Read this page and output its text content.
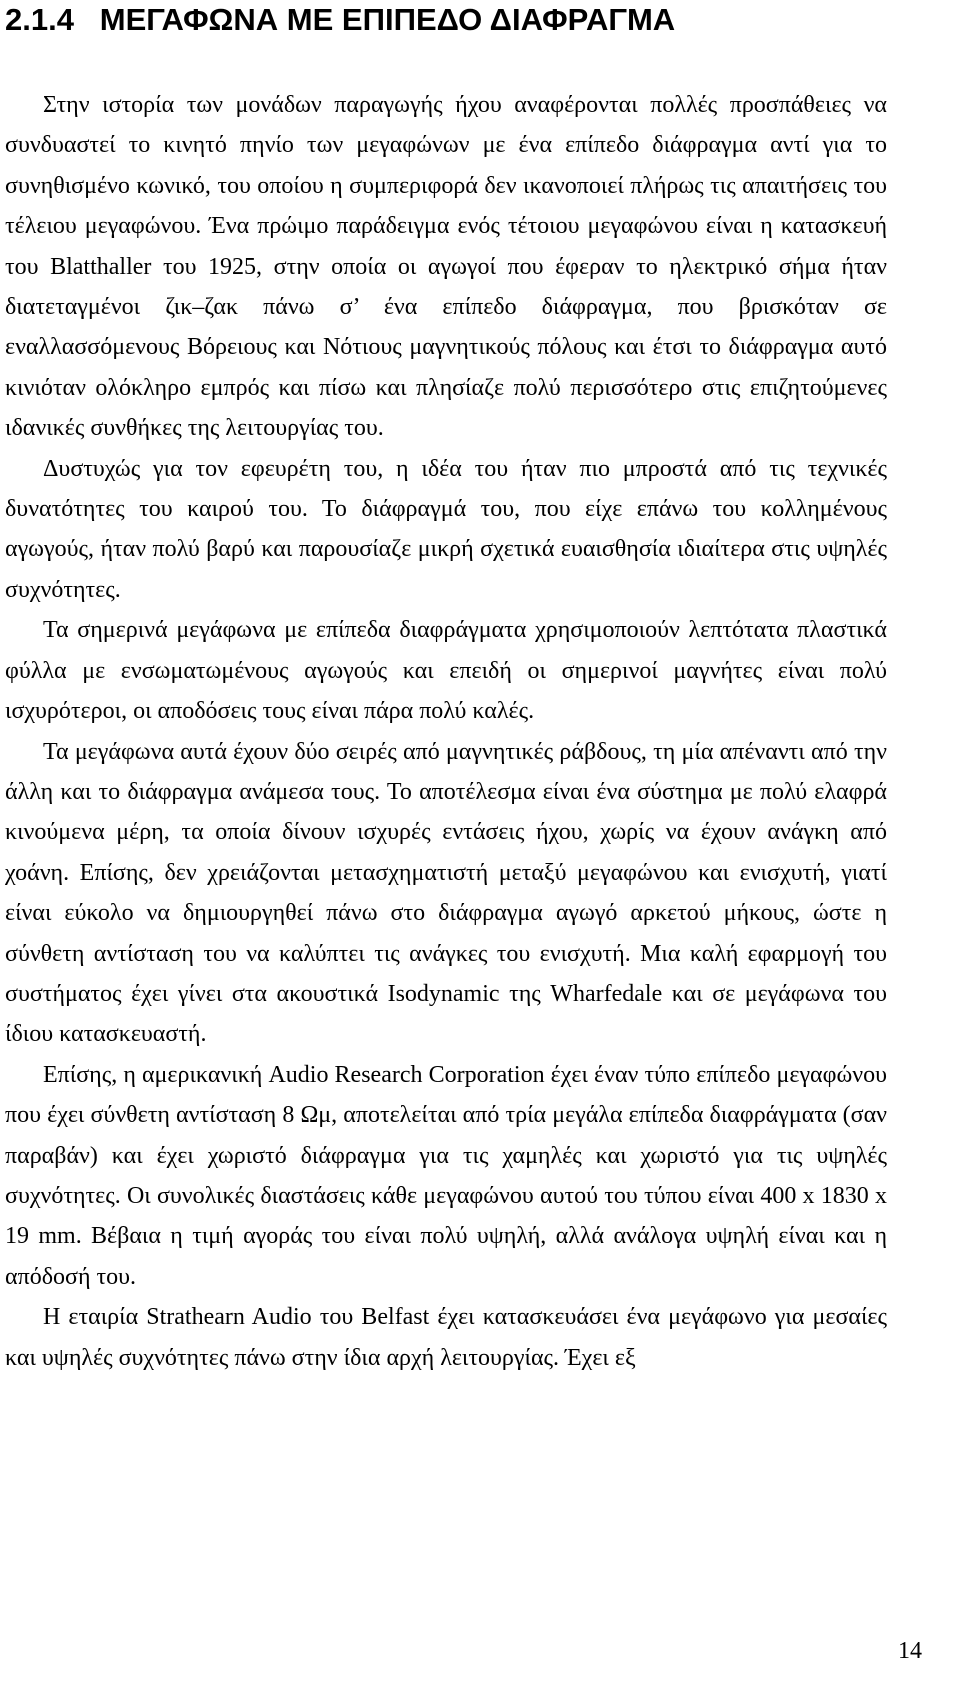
2.1.4 ΜΕΓΑΦΩΝΑ ΜΕ ΕΠΙΠΕΔΟ ΔΙΑΦΡΑΓΜΑ

Στην ιστορία των μονάδων παραγωγής ήχου αναφέρονται πολλές προσπάθειες να συνδυαστεί το κινητό πηνίο των μεγαφώνων με ένα επίπεδο διάφραγμα αντί για το συνηθισμένο κωνικό, του οποίου η συμπεριφορά δεν ικανοποιεί πλήρως τις απαιτήσεις του τέλειου μεγαφώνου. Ένα πρώιμο παράδειγμα ενός τέτοιου μεγαφώνου είναι η κατασκευή του Blatthaller του 1925, στην οποία οι αγωγοί που έφεραν το ηλεκτρικό σήμα ήταν διατεταγμένοι ζικ–ζακ πάνω σ’ ένα επίπεδο διάφραγμα, που βρισκόταν σε εναλλασσόμενους Βόρειους και Νότιους μαγνητικούς πόλους και έτσι το διάφραγμα αυτό κινιόταν ολόκληρο εμπρός και πίσω και πλησίαζε πολύ περισσότερο στις επιζητούμενες ιδανικές συνθήκες της λειτουργίας του.

Δυστυχώς για τον εφευρέτη του, η ιδέα του ήταν πιο μπροστά από τις τεχνικές δυνατότητες του καιρού του. Το διάφραγμά του, που είχε επάνω του κολλημένους αγωγούς, ήταν πολύ βαρύ και παρουσίαζε μικρή σχετικά ευαισθησία ιδιαίτερα στις υψηλές συχνότητες.

Τα σημερινά μεγάφωνα με επίπεδα διαφράγματα χρησιμοποιούν λεπτότατα πλαστικά φύλλα με ενσωματωμένους αγωγούς και επειδή οι σημερινοί μαγνήτες είναι πολύ ισχυρότεροι, οι αποδόσεις τους είναι πάρα πολύ καλές.

Τα μεγάφωνα αυτά έχουν δύο σειρές από μαγνητικές ράβδους, τη μία απέναντι από την άλλη και το διάφραγμα ανάμεσα τους. Το αποτέλεσμα είναι ένα σύστημα με πολύ ελαφρά κινούμενα μέρη, τα οποία δίνουν ισχυρές εντάσεις ήχου, χωρίς να έχουν ανάγκη από χοάνη. Επίσης, δεν χρειάζονται μετασχηματιστή μεταξύ μεγαφώνου και ενισχυτή, γιατί είναι εύκολο να δημιουργηθεί πάνω στο διάφραγμα αγωγό αρκετού μήκους, ώστε η σύνθετη αντίσταση του να καλύπτει τις ανάγκες του ενισχυτή. Μια καλή εφαρμογή του συστήματος έχει γίνει στα ακουστικά Isodynamic της Wharfedale και σε μεγάφωνα του ίδιου κατασκευαστή.

Επίσης, η αμερικανική Audio Research Corporation έχει έναν τύπο επίπεδο μεγαφώνου που έχει σύνθετη αντίσταση 8 Ωμ, αποτελείται από τρία μεγάλα επίπεδα διαφράγματα (σαν παραβάν) και έχει χωριστό διάφραγμα για τις χαμηλές και χωριστό για τις υψηλές συχνότητες. Οι συνολικές διαστάσεις κάθε μεγαφώνου αυτού του τύπου είναι 400 x 1830 x 19 mm. Βέβαια η τιμή αγοράς του είναι πολύ υψηλή, αλλά ανάλογα υψηλή είναι και η απόδοσή του.

Η εταιρία Strathearn Audio του Belfast έχει κατασκευάσει ένα μεγάφωνο για μεσαίες και υψηλές συχνότητες πάνω στην ίδια αρχή λειτουργίας. Έχει εξ

14
